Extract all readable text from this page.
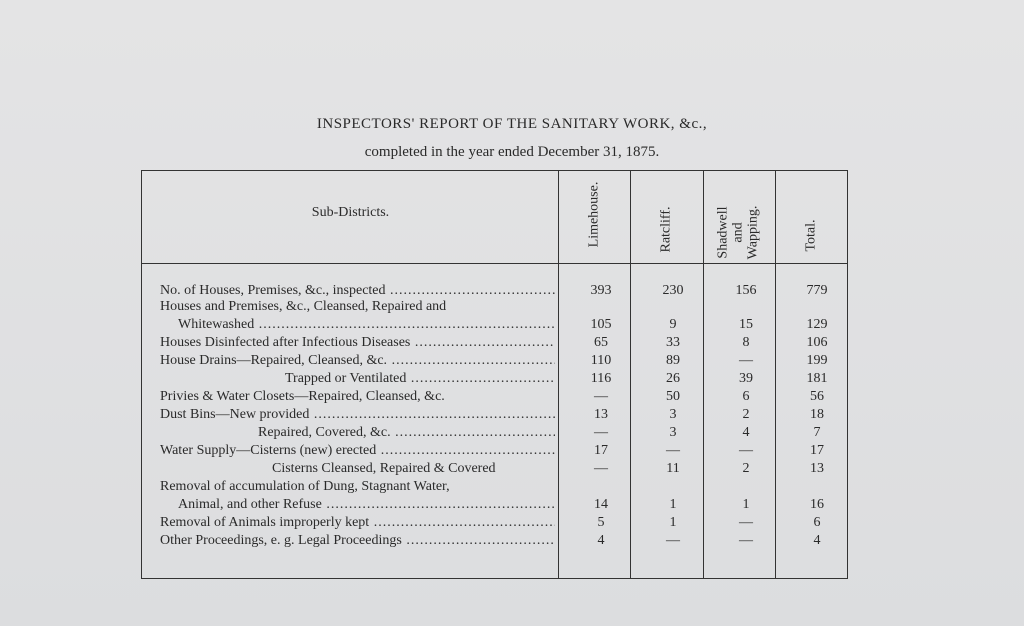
INSPECTORS' REPORT OF THE SANITARY WORK, &c.,
completed in the year ended December 31, 1875.
Sub-Districts.	Limehouse.	Ratcliff.	Shadwell
and
Wapping.	Total.
No. of Houses, Premises, &c., inspected .....	393	230	156	779
Houses and Premises, &c., Cleansed, Repaired and
Whitewashed .....	105	9	15	129
Houses Disinfected after Infectious Diseases .....	65	33	8	106
House Drains—Repaired, Cleansed, &c. .....	110	89	—	199
Trapped or Ventilated .....	116	26	39	181
Privies & Water Closets—Repaired, Cleansed, &c.	—	50	6	56
Dust Bins—New provided .....	13	3	2	18
Repaired, Covered, &c. .....	—	3	4	7
Water Supply—Cisterns (new) erected .....	17	—	—	17
Cisterns Cleansed, Repaired & Covered	—	11	2	13
Removal of accumulation of Dung, Stagnant Water,
Animal, and other Refuse .....	14	1	1	16
Removal of Animals improperly kept .....	5	1	—	6
Other Proceedings, e. g. Legal Proceedings .....	4	—	—	4
